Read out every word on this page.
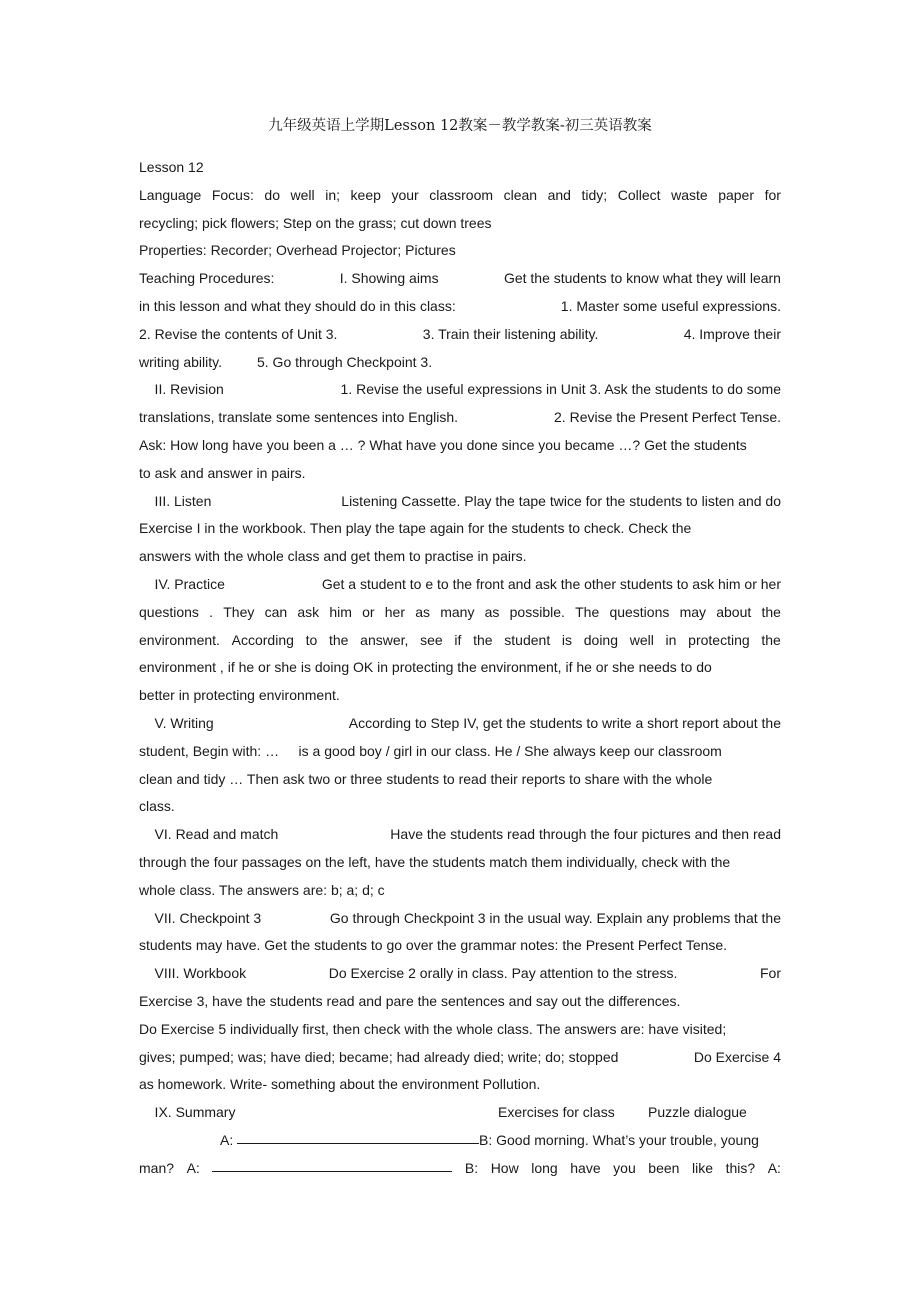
九年级英语上学期Lesson 12教案－教学教案-初三英语教案
Lesson 12
Language Focus: do well in; keep your classroom clean and tidy; Collect waste paper for
recycling; pick flowers; Step on the grass; cut down trees
Properties: Recorder; Overhead Projector; Pictures
Teaching Procedures:	I. Showing aims	Get the students to know what they will learn
in this lesson and what they should do in this class:	1. Master some useful expressions.
2. Revise the contents of Unit 3.	3. Train their listening ability.	4. Improve their
writing ability.         5. Go through Checkpoint 3.
II. Revision	1. Revise the useful expressions in Unit 3. Ask the students to do some
translations, translate some sentences into English.	2. Revise the Present Perfect Tense.
Ask: How long have you been a … ? What have you done since you became …? Get the students
to ask and answer in pairs.
III. Listen	Listening Cassette. Play the tape twice for the students to listen and do
Exercise I in the workbook. Then play the tape again for the students to check. Check the
answers with the whole class and get them to practise in pairs.
IV. Practice	Get a student to e to the front and ask the other students to ask him or her
questions . They can ask him or her as many as possible. The questions may about the
environment. According to the answer, see if the student is doing well in protecting the
environment , if he or she is doing OK in protecting the environment, if he or she needs to do
better in protecting environment.
V. Writing	According to Step IV, get the students to write a short report about the
student, Begin with: …     is a good boy / girl in our class. He / She always keep our classroom
clean and tidy … Then ask two or three students to read their reports to share with the whole
class.
VI. Read and match	Have the students read through the four pictures and then read
through the four passages on the left, have the students match them individually, check with the
whole class. The answers are: b; a; d; c
VII. Checkpoint 3	Go through Checkpoint 3 in the usual way. Explain any problems that the
students may have. Get the students to go over the grammar notes: the Present Perfect Tense.
VIII. Workbook	Do Exercise 2 orally in class. Pay attention to the stress.	For
Exercise 3, have the students read and pare the sentences and say out the differences.
Do Exercise 5 individually first, then check with the whole class. The answers are: have visited;
gives; pumped; was; have died; became; had already died; write; do; stopped	Do Exercise 4
as homework. Write- something about the environment Pollution.
IX. Summary	Exercises for class	Puzzle dialogue
A:	B: Good morning. What’s your trouble, young
man? A:	B: How long have you been like this? A:
